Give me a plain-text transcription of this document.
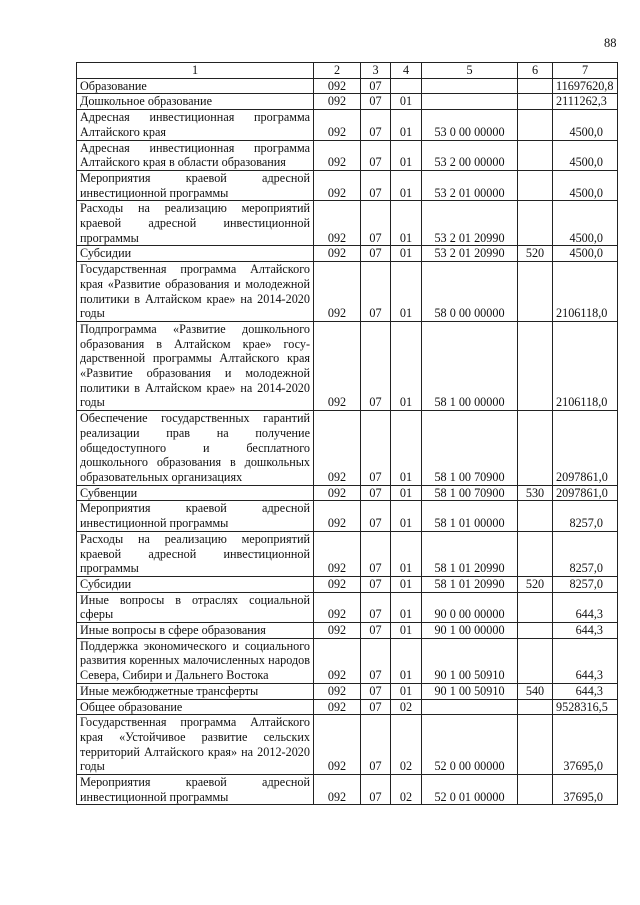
88
1	2	3	4	5	6	7
Образование	092	07				11697620,8
Дошкольное образование	092	07	01			2111262,3
Адресная инвестиционная программа Алтайского края	092	07	01	53 0 00 00000		4500,0
Адресная инвестиционная программа Алтайского края в области образования	092	07	01	53 2 00 00000		4500,0
Мероприятия краевой адресной инвестиционной программы	092	07	01	53 2 01 00000		4500,0
Расходы на реализацию мероприятий краевой адресной инвестиционной программы	092	07	01	53 2 01 20990		4500,0
Субсидии	092	07	01	53 2 01 20990	520	4500,0
Государственная программа Алтайского края «Развитие образования и молодежной политики в Алтайском крае» на 2014-2020 годы	092	07	01	58 0 00 00000		2106118,0
Подпрограмма «Развитие дошкольного образования в Алтайском крае» государственной программы Алтайского края «Развитие образования и молодежной политики в Алтайском крае» на 2014-2020 годы	092	07	01	58 1 00 00000		2106118,0
Обеспечение государственных гарантий реализации прав на получение общедоступного и бесплатного дошкольного образования в дошкольных образовательных организациях	092	07	01	58 1 00 70900		2097861,0
Субвенции	092	07	01	58 1 00 70900	530	2097861,0
Мероприятия краевой адресной инвестиционной программы	092	07	01	58 1 01 00000		8257,0
Расходы на реализацию мероприятий краевой адресной инвестиционной программы	092	07	01	58 1 01 20990		8257,0
Субсидии	092	07	01	58 1 01 20990	520	8257,0
Иные вопросы в отраслях социальной сферы	092	07	01	90 0 00 00000		644,3
Иные вопросы в сфере образования	092	07	01	90 1 00 00000		644,3
Поддержка экономического и социального развития коренных малочисленных народов Севера, Сибири и Дальнего Востока	092	07	01	90 1 00 50910		644,3
Иные межбюджетные трансферты	092	07	01	90 1 00 50910	540	644,3
Общее образование	092	07	02			9528316,5
Государственная программа Алтайского края «Устойчивое развитие сельских территорий Алтайского края» на 2012-2020 годы	092	07	02	52 0 00 00000		37695,0
Мероприятия краевой адресной инвестиционной программы	092	07	02	52 0 01 00000		37695,0
